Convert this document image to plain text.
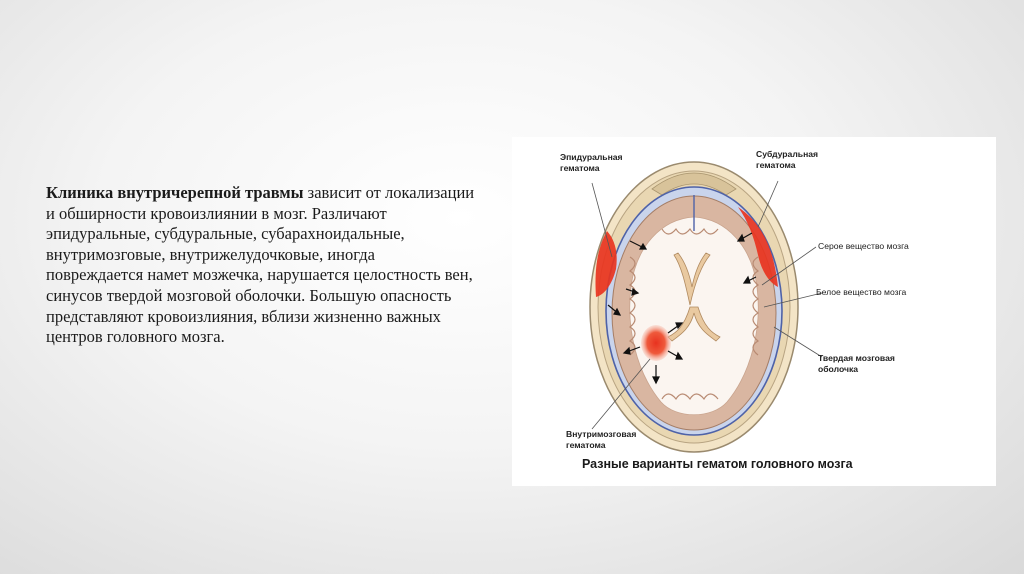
Клиника внутричерепной травмы зависит от локализации и обширности кровоизлиянии в мозг. Различают эпидуральные, субдуральные, субарахноидальные, внутримозговые, внутрижелудочковые, иногда повреждается намет мозжечка, нарушается целостность вен, синусов твердой мозговой оболочки. Большую опасность представляют кровоизлияния, вблизи жизненно важных центров головного мозга.
Эпидуральная
гематома
Субдуральная
гематома
Серое вещество мозга
Белое вещество мозга
Твердая мозговая
оболочка
Внутримозговая
гематома
Разные варианты гематом головного мозга
